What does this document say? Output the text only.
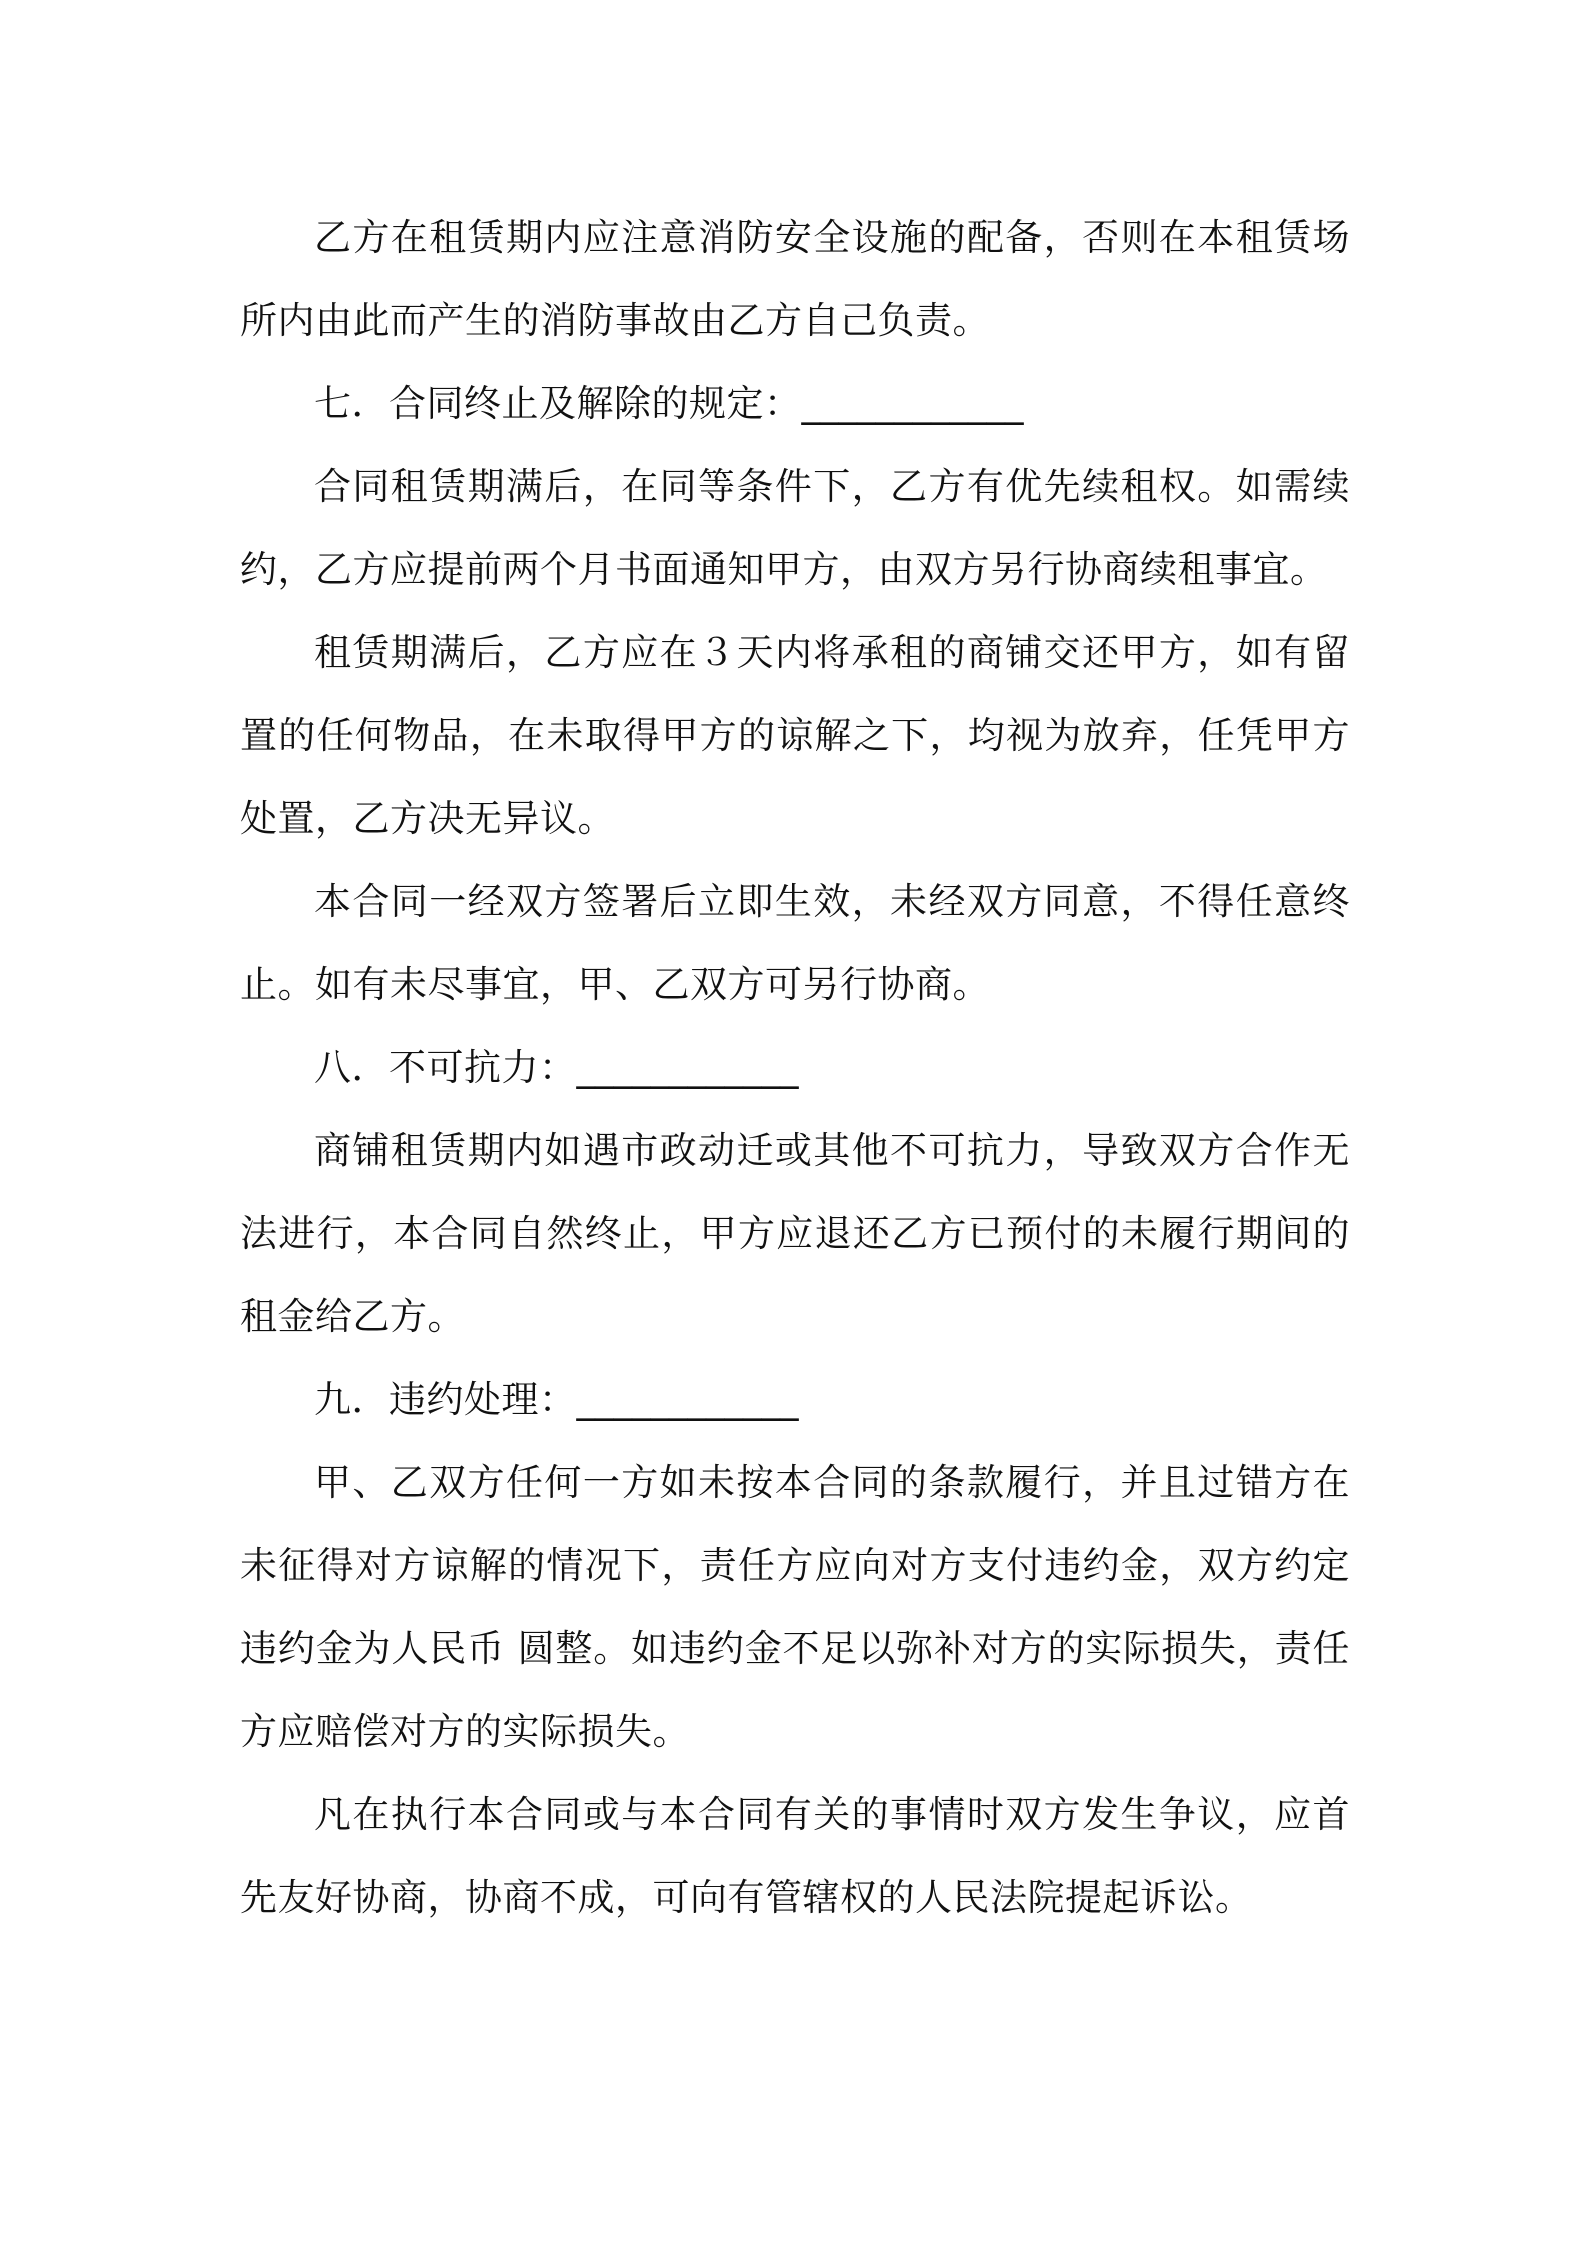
乙方在租赁期内应注意消防安全设施的配备，否则在本租赁场所内由此而产生的消防事故由乙方自己负责。

七．合同终止及解除的规定：____________

合同租赁期满后，在同等条件下，乙方有优先续租权。如需续约，乙方应提前两个月书面通知甲方，由双方另行协商续租事宜。

租赁期满后，乙方应在３天内将承租的商铺交还甲方，如有留置的任何物品，在未取得甲方的谅解之下，均视为放弃，任凭甲方处置，乙方决无异议。

本合同一经双方签署后立即生效，未经双方同意，不得任意终止。如有未尽事宜，甲、乙双方可另行协商。

八．不可抗力：____________

商铺租赁期内如遇市政动迁或其他不可抗力，导致双方合作无法进行，本合同自然终止，甲方应退还乙方已预付的未履行期间的租金给乙方。

九．违约处理：____________

甲、乙双方任何一方如未按本合同的条款履行，并且过错方在未征得对方谅解的情况下，责任方应向对方支付违约金，双方约定违约金为人民币 圆整。如违约金不足以弥补对方的实际损失，责任方应赔偿对方的实际损失。

凡在执行本合同或与本合同有关的事情时双方发生争议，应首先友好协商，协商不成，可向有管辖权的人民法院提起诉讼。
